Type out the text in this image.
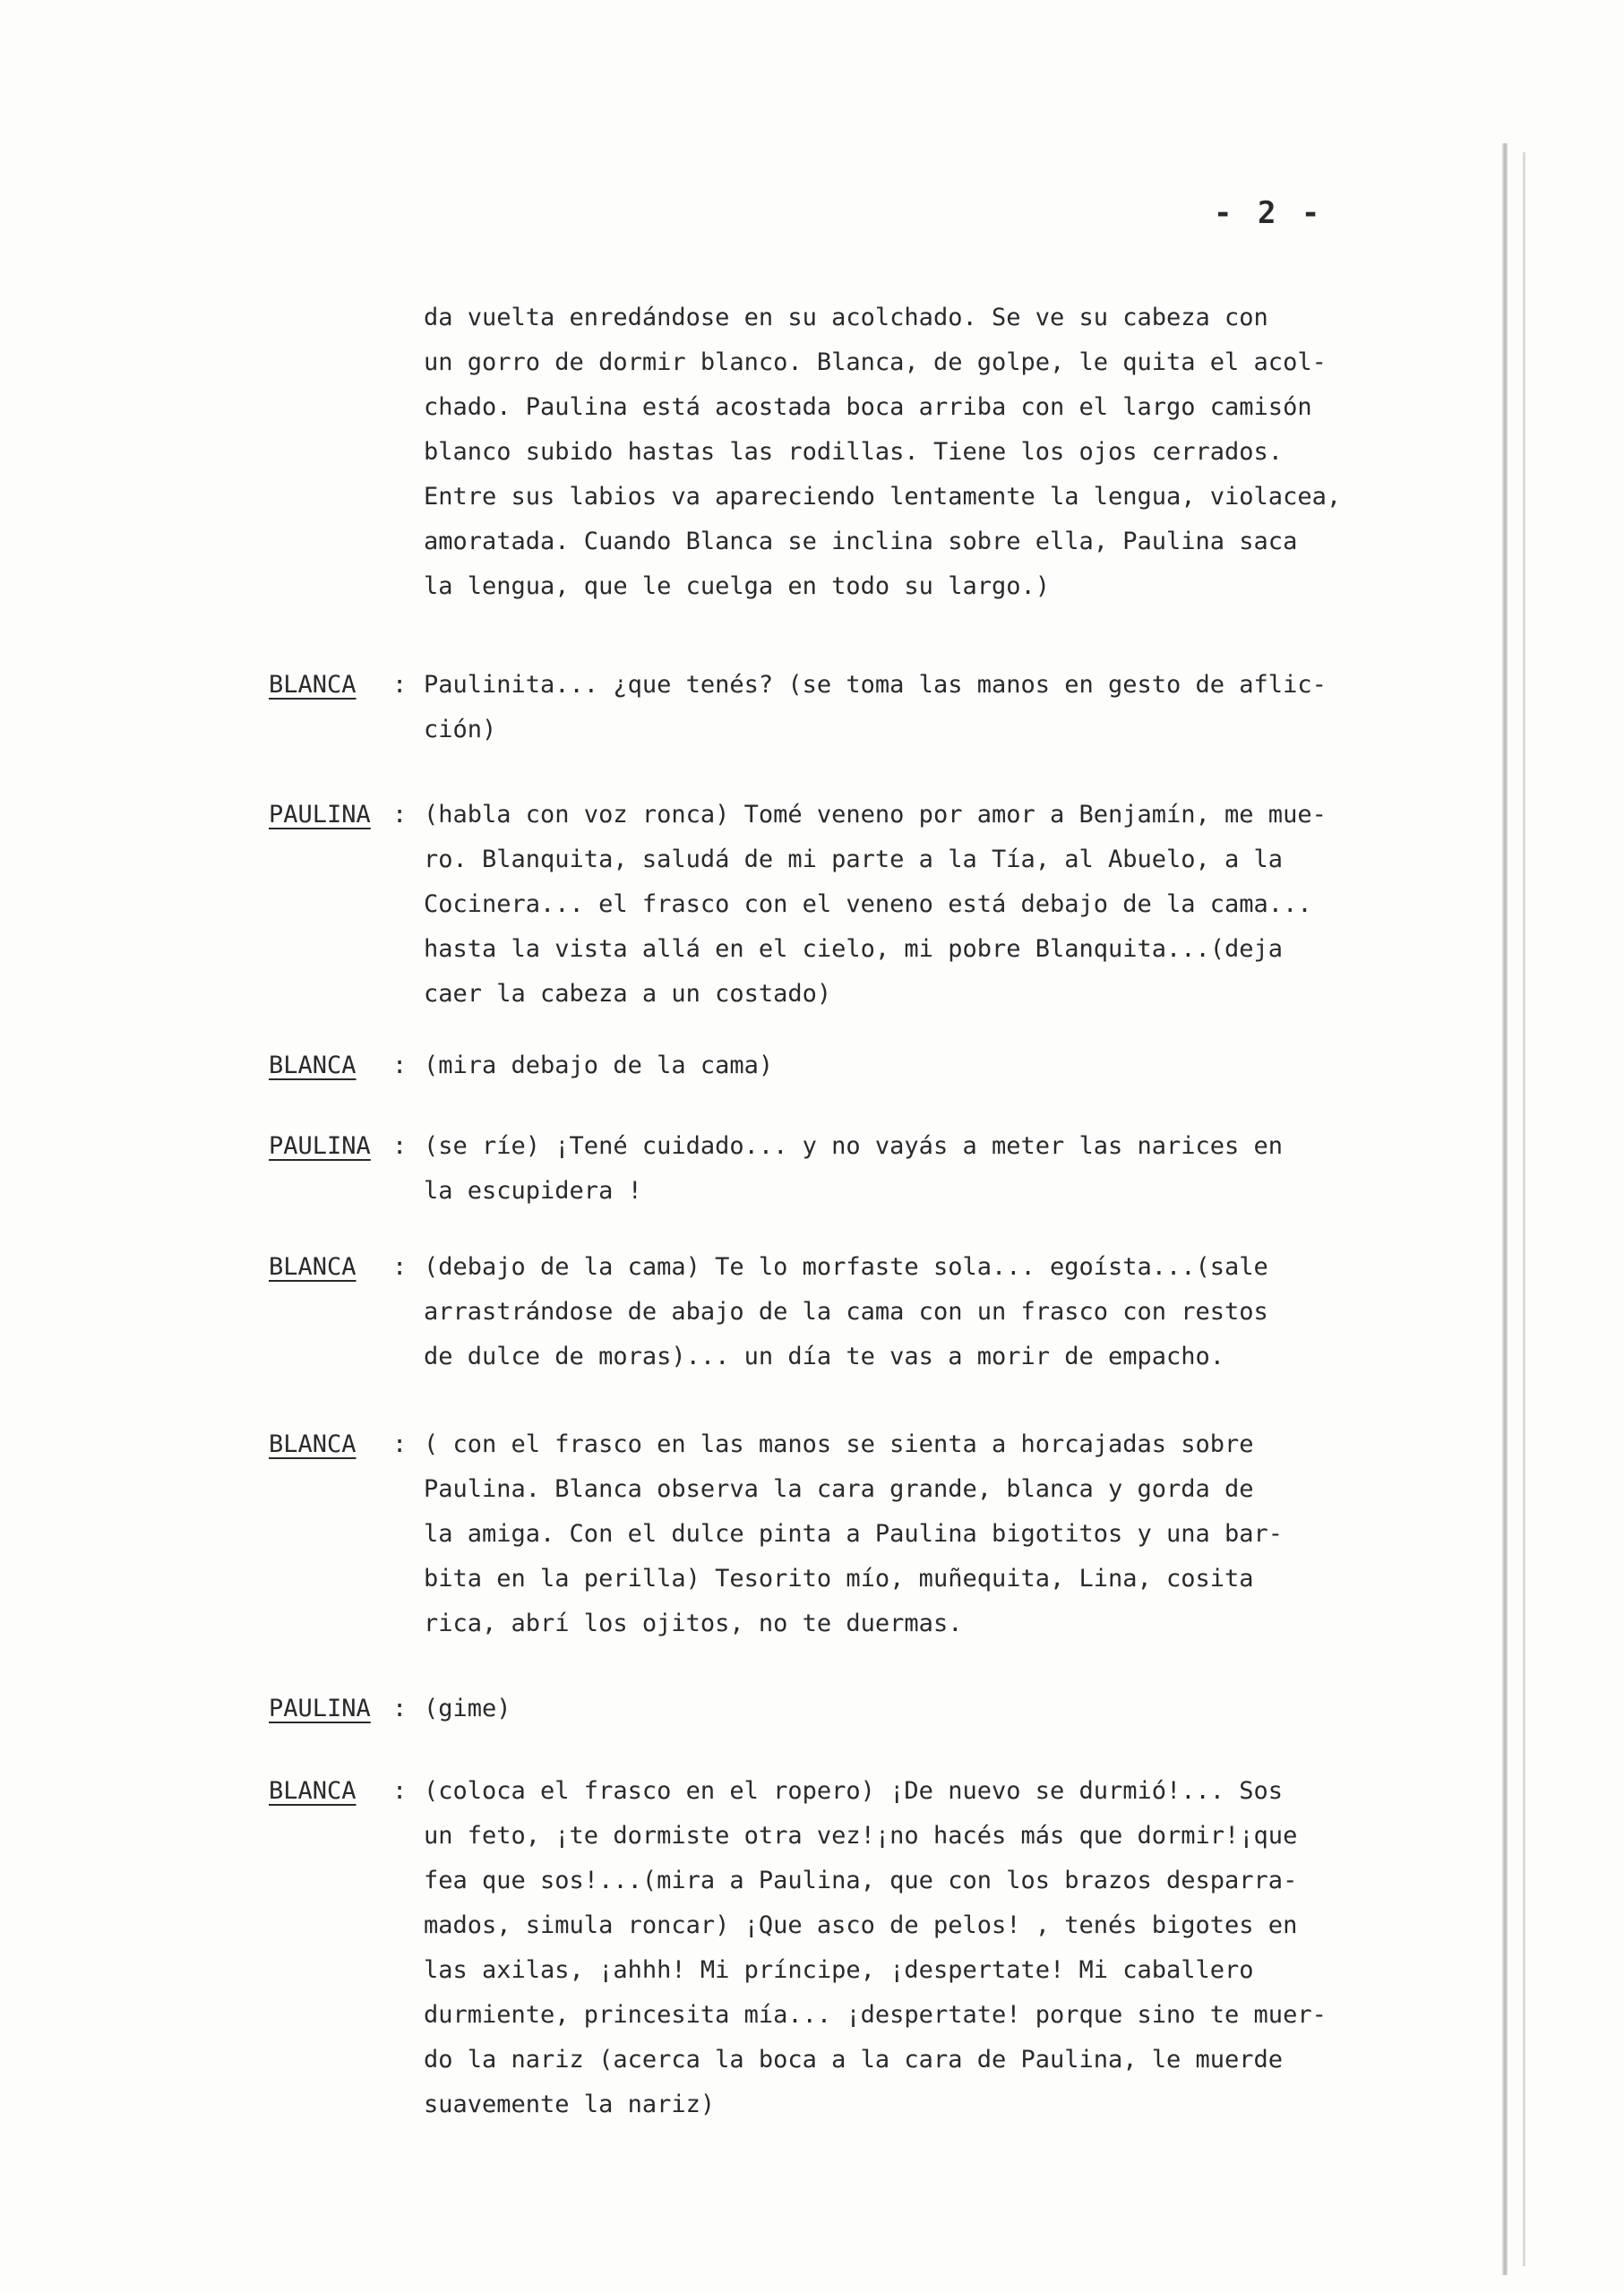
- 2 -
da vuelta enredándose en su acolchado. Se ve su cabeza con
un gorro de dormir blanco. Blanca, de golpe, le quita el acol-
chado. Paulina está acostada boca arriba con el largo camisón
blanco subido hastas las rodillas. Tiene los ojos cerrados.
Entre sus labios va apareciendo lentamente la lengua, violacea,
amoratada. Cuando Blanca se inclina sobre ella, Paulina saca
la lengua, que le cuelga en todo su largo.)
BLANCA	: Paulinita... ¿que tenés? (se toma las manos en gesto de aflic-
ción)
PAULINA : (habla con voz ronca) Tomé veneno por amor a Benjamín, me mue-
ro. Blanquita, saludá de mi parte a la Tía, al Abuelo, a la
Cocinera... el frasco con el veneno está debajo de la cama...
hasta la vista allá en el cielo, mi pobre Blanquita...(deja
caer la cabeza a un costado)
BLANCA	: (mira debajo de la cama)
PAULINA : (se ríe) ¡Tené cuidado... y no vayás a meter las narices en
la escupidera !
BLANCA	: (debajo de la cama) Te lo morfaste sola... egoísta...(sale
arrastrándose de abajo de la cama con un frasco con restos
de dulce de moras)... un día te vas a morir de empacho.
BLANCA	: ( con el frasco en las manos se sienta a horcajadas sobre
Paulina. Blanca observa la cara grande, blanca y gorda de
la amiga. Con el dulce pinta a Paulina bigotitos y una bar-
bita en la perilla) Tesorito mío, muñequita, Lina, cosita
rica, abrí los ojitos, no te duermas.
PAULINA : (gime)
BLANCA	: (coloca el frasco en el ropero) ¡De nuevo se durmió!... Sos
un feto, ¡te dormiste otra vez!¡no hacés más que dormir!¡que
fea que sos!...(mira a Paulina, que con los brazos desparra-
mados, simula roncar) ¡Que asco de pelos! , tenés bigotes en
las axilas, ¡ahhh! Mi príncipe, ¡despertate! Mi caballero
durmiente, princesita mía... ¡despertate! porque sino te muer-
do la nariz (acerca la boca a la cara de Paulina, le muerde
suavemente la nariz)
